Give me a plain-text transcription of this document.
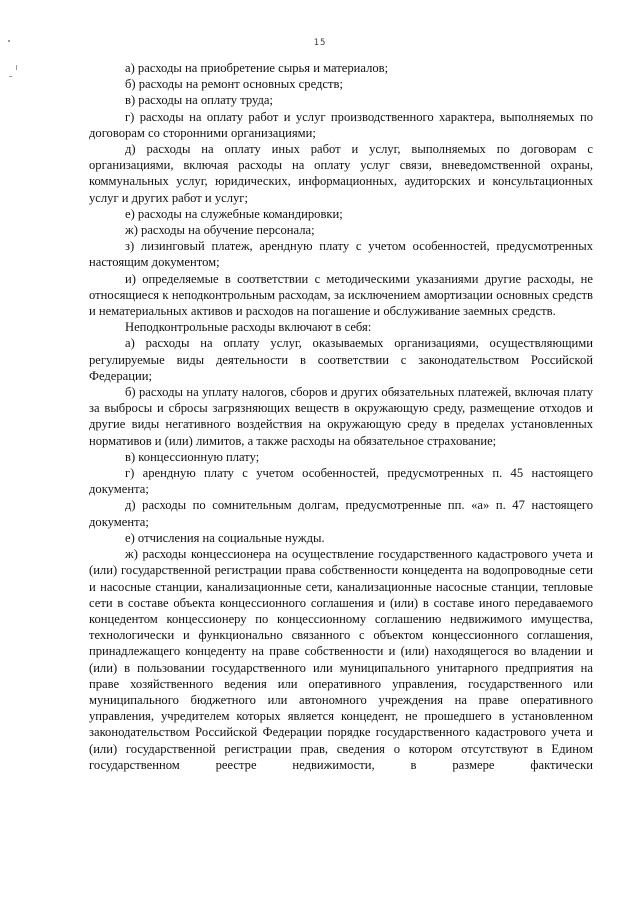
15

а) расходы на приобретение сырья и материалов;

б) расходы на ремонт основных средств;

в) расходы на оплату труда;

г) расходы на оплату работ и услуг производственного характера, выполняемых по договорам со сторонними организациями;

д) расходы на оплату иных работ и услуг, выполняемых по договорам с организациями, включая расходы на оплату услуг связи, вневедомственной охраны, коммунальных услуг, юридических, информационных, аудиторских и консультационных услуг и других работ и услуг;

е) расходы на служебные командировки;

ж) расходы на обучение персонала;

з) лизинговый платеж, арендную плату с учетом особенностей, предусмотренных настоящим документом;

и) определяемые в соответствии с методическими указаниями другие расходы, не относящиеся к неподконтрольным расходам, за исключением амортизации основных средств и нематериальных активов и расходов на погашение и обслуживание заемных средств.

Неподконтрольные расходы включают в себя:

а) расходы на оплату услуг, оказываемых организациями, осуществляющими регулируемые виды деятельности в соответствии с законодательством Российской Федерации;

б) расходы на уплату налогов, сборов и других обязательных платежей, включая плату за выбросы и сбросы загрязняющих веществ в окружающую среду, размещение отходов и другие виды негативного воздействия на окружающую среду в пределах установленных нормативов и (или) лимитов, а также расходы на обязательное страхование;

в) концессионную плату;

г) арендную плату с учетом особенностей, предусмотренных п. 45 настоящего документа;

д) расходы по сомнительным долгам, предусмотренные пп. «а» п. 47 настоящего документа;

е) отчисления на социальные нужды.

ж) расходы концессионера на осуществление государственного кадастрового учета и (или) государственной регистрации права собственности концедента на водопроводные сети и насосные станции, канализационные сети, канализационные насосные станции, тепловые сети в составе объекта концессионного соглашения и (или) в составе иного передаваемого концедентом концессионеру по концессионному соглашению недвижимого имущества, технологически и функционально связанного с объектом концессионного соглашения, принадлежащего концеденту на праве собственности и (или) находящегося во владении и (или) в пользовании государственного или муниципального унитарного предприятия на праве хозяйственного ведения или оперативного управления, государственного или муниципального бюджетного или автономного учреждения на праве оперативного управления, учредителем которых является концедент, не прошедшего в установленном законодательством Российской Федерации порядке государственного кадастрового учета и (или) государственной регистрации прав, сведения о котором отсутствуют в Едином государственном реестре недвижимости, в размере фактически
